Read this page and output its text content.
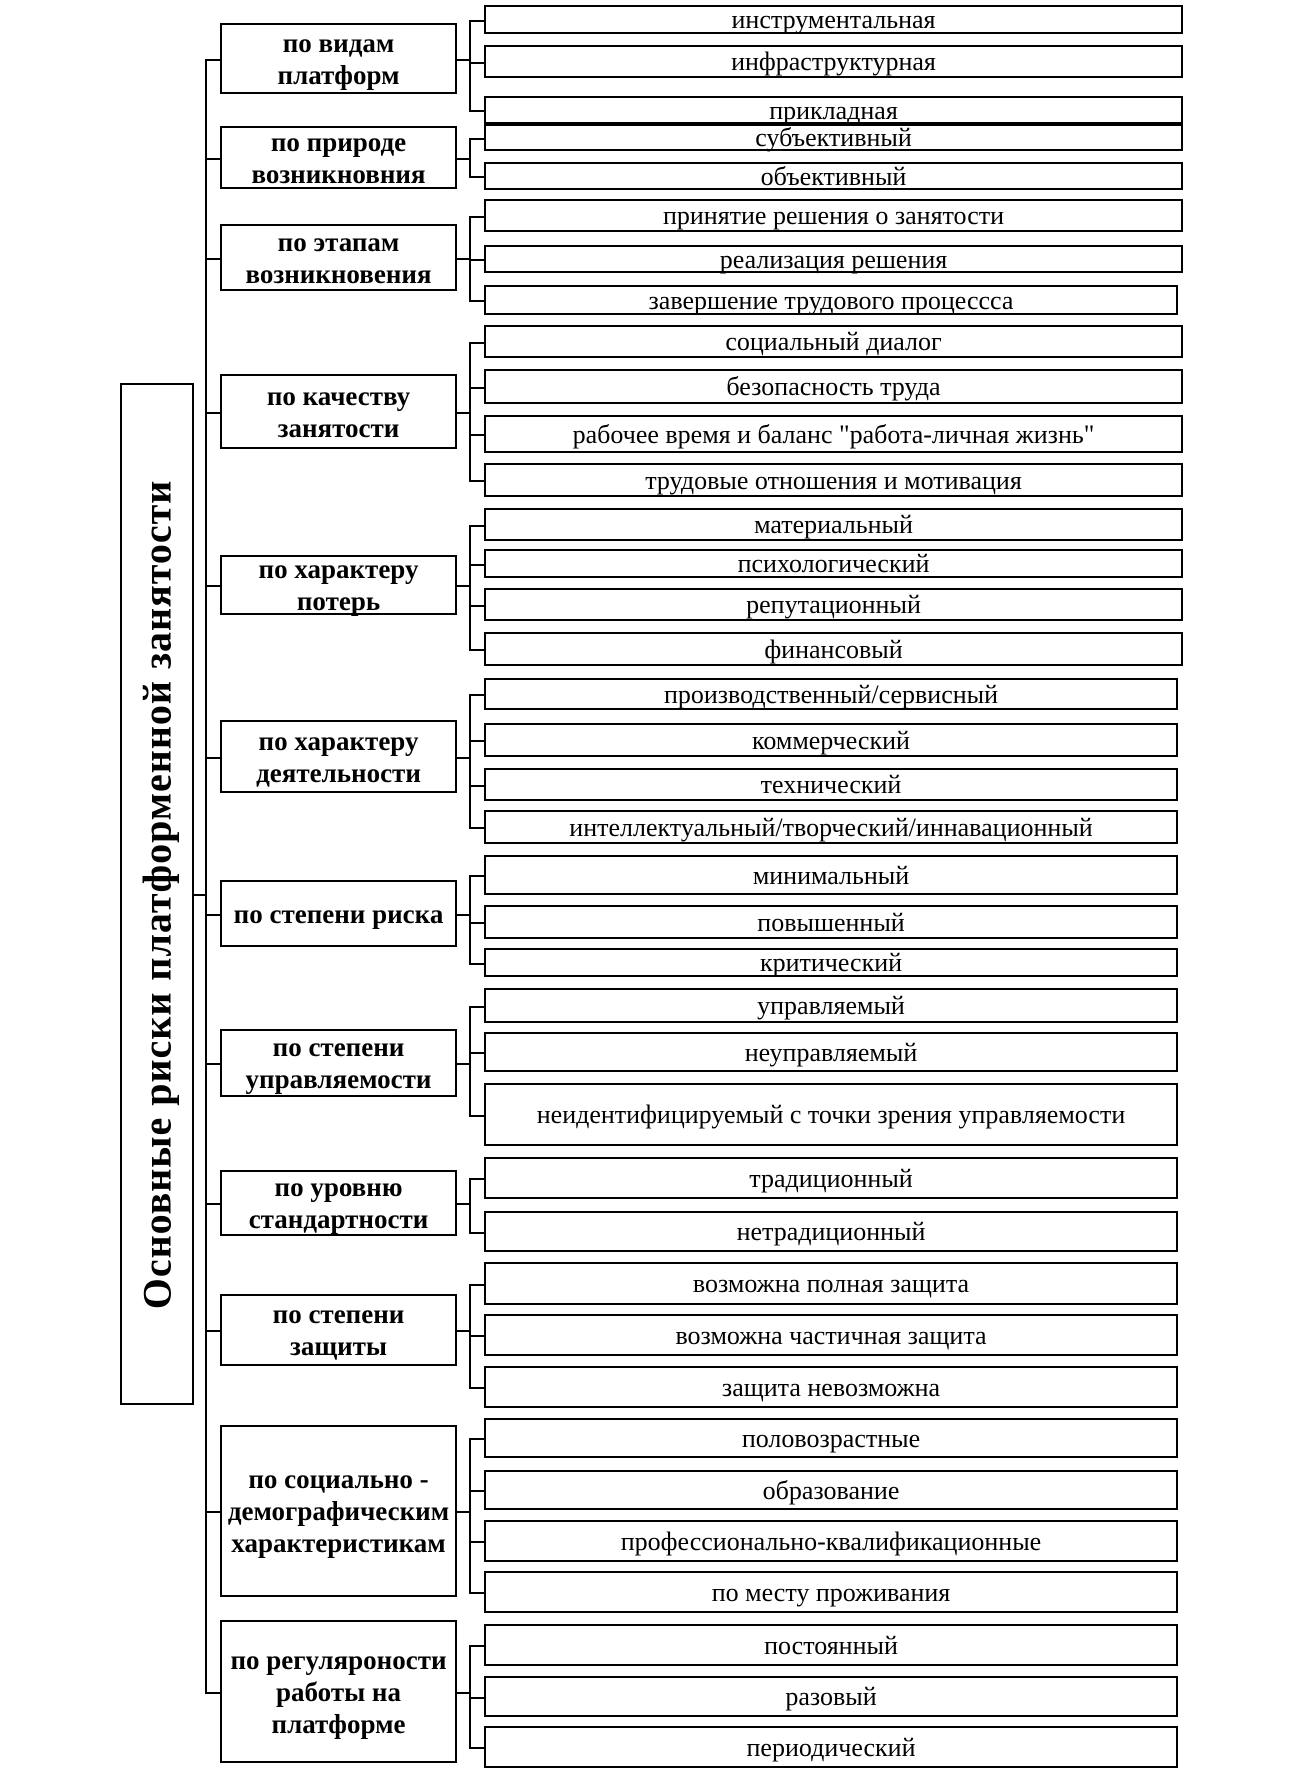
Основные риски платформенной занятости
по видам платформ
инструментальная
инфраструктурная
прикладная
по природе возникновния
субъективный
объективный
по этапам возникновения
принятие решения о занятости
реализация решения
завершение трудового процессса
по качеству занятости
социальный диалог
безопасность труда
рабочее время и баланс "работа-личная жизнь"
трудовые отношения и мотивация
по характеру потерь
материальный
психологический
репутационный
финансовый
по характеру деятельности
производственный/сервисный
коммерческий
технический
интеллектуальный/творческий/иннавационный
по степени риска
минимальный
повышенный
критический
по степени управляемости
управляемый
неуправляемый
неидентифицируемый с точки зрения управляемости
по уровню стандартности
традиционный
нетрадиционный
по степени защиты
возможна полная защита
возможна частичная защита
защита невозможна
по социально - демографическим характеристикам
половозрастные
образование
профессионально-квалификационные
по месту проживания
по регуляроности работы на платформе
постоянный
разовый
периодический
